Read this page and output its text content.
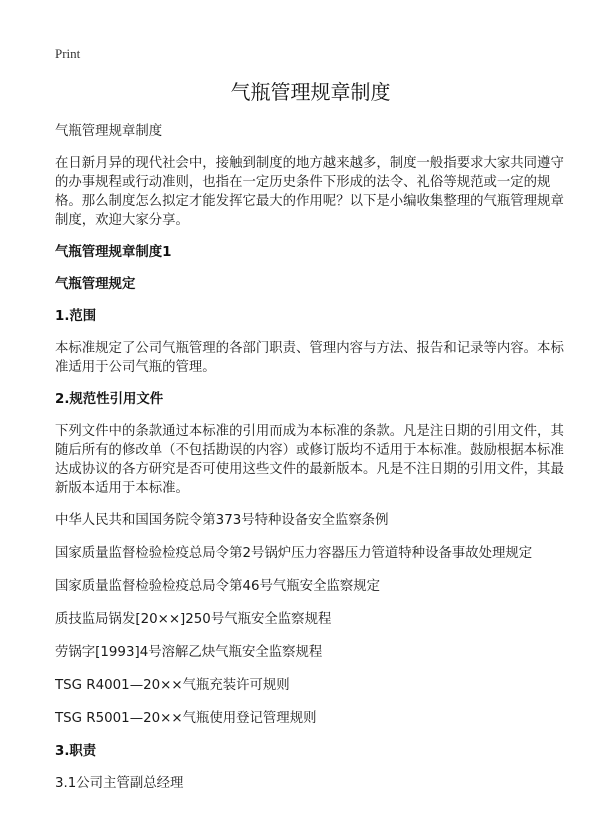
Print
气瓶管理规章制度

气瓶管理规章制度

在日新月异的现代社会中，接触到制度的地方越来越多，制度一般指要求大家共同遵守的办事规程或行动准则，也指在一定历史条件下形成的法令、礼俗等规范或一定的规格。那么制度怎么拟定才能发挥它最大的作用呢？以下是小编收集整理的气瓶管理规章制度，欢迎大家分享。

气瓶管理规章制度1

气瓶管理规定

1.范围

本标准规定了公司气瓶管理的各部门职责、管理内容与方法、报告和记录等内容。本标准适用于公司气瓶的管理。

2.规范性引用文件

下列文件中的条款通过本标准的引用而成为本标准的条款。凡是注日期的引用文件，其随后所有的修改单（不包括勘误的内容）或修订版均不适用于本标准。鼓励根据本标准达成协议的各方研究是否可使用这些文件的最新版本。凡是不注日期的引用文件，其最新版本适用于本标准。

中华人民共和国国务院令第373号特种设备安全监察条例

国家质量监督检验检疫总局令第2号锅炉压力容器压力管道特种设备事故处理规定

国家质量监督检验检疫总局令第46号气瓶安全监察规定

质技监局锅发[20××]250号气瓶安全监察规程

劳锅字[1993]4号溶解乙炔气瓶安全监察规程

TSG R4001—20××气瓶充装许可规则

TSG R5001—20××气瓶使用登记管理规则

3.职责

3.1公司主管副总经理
